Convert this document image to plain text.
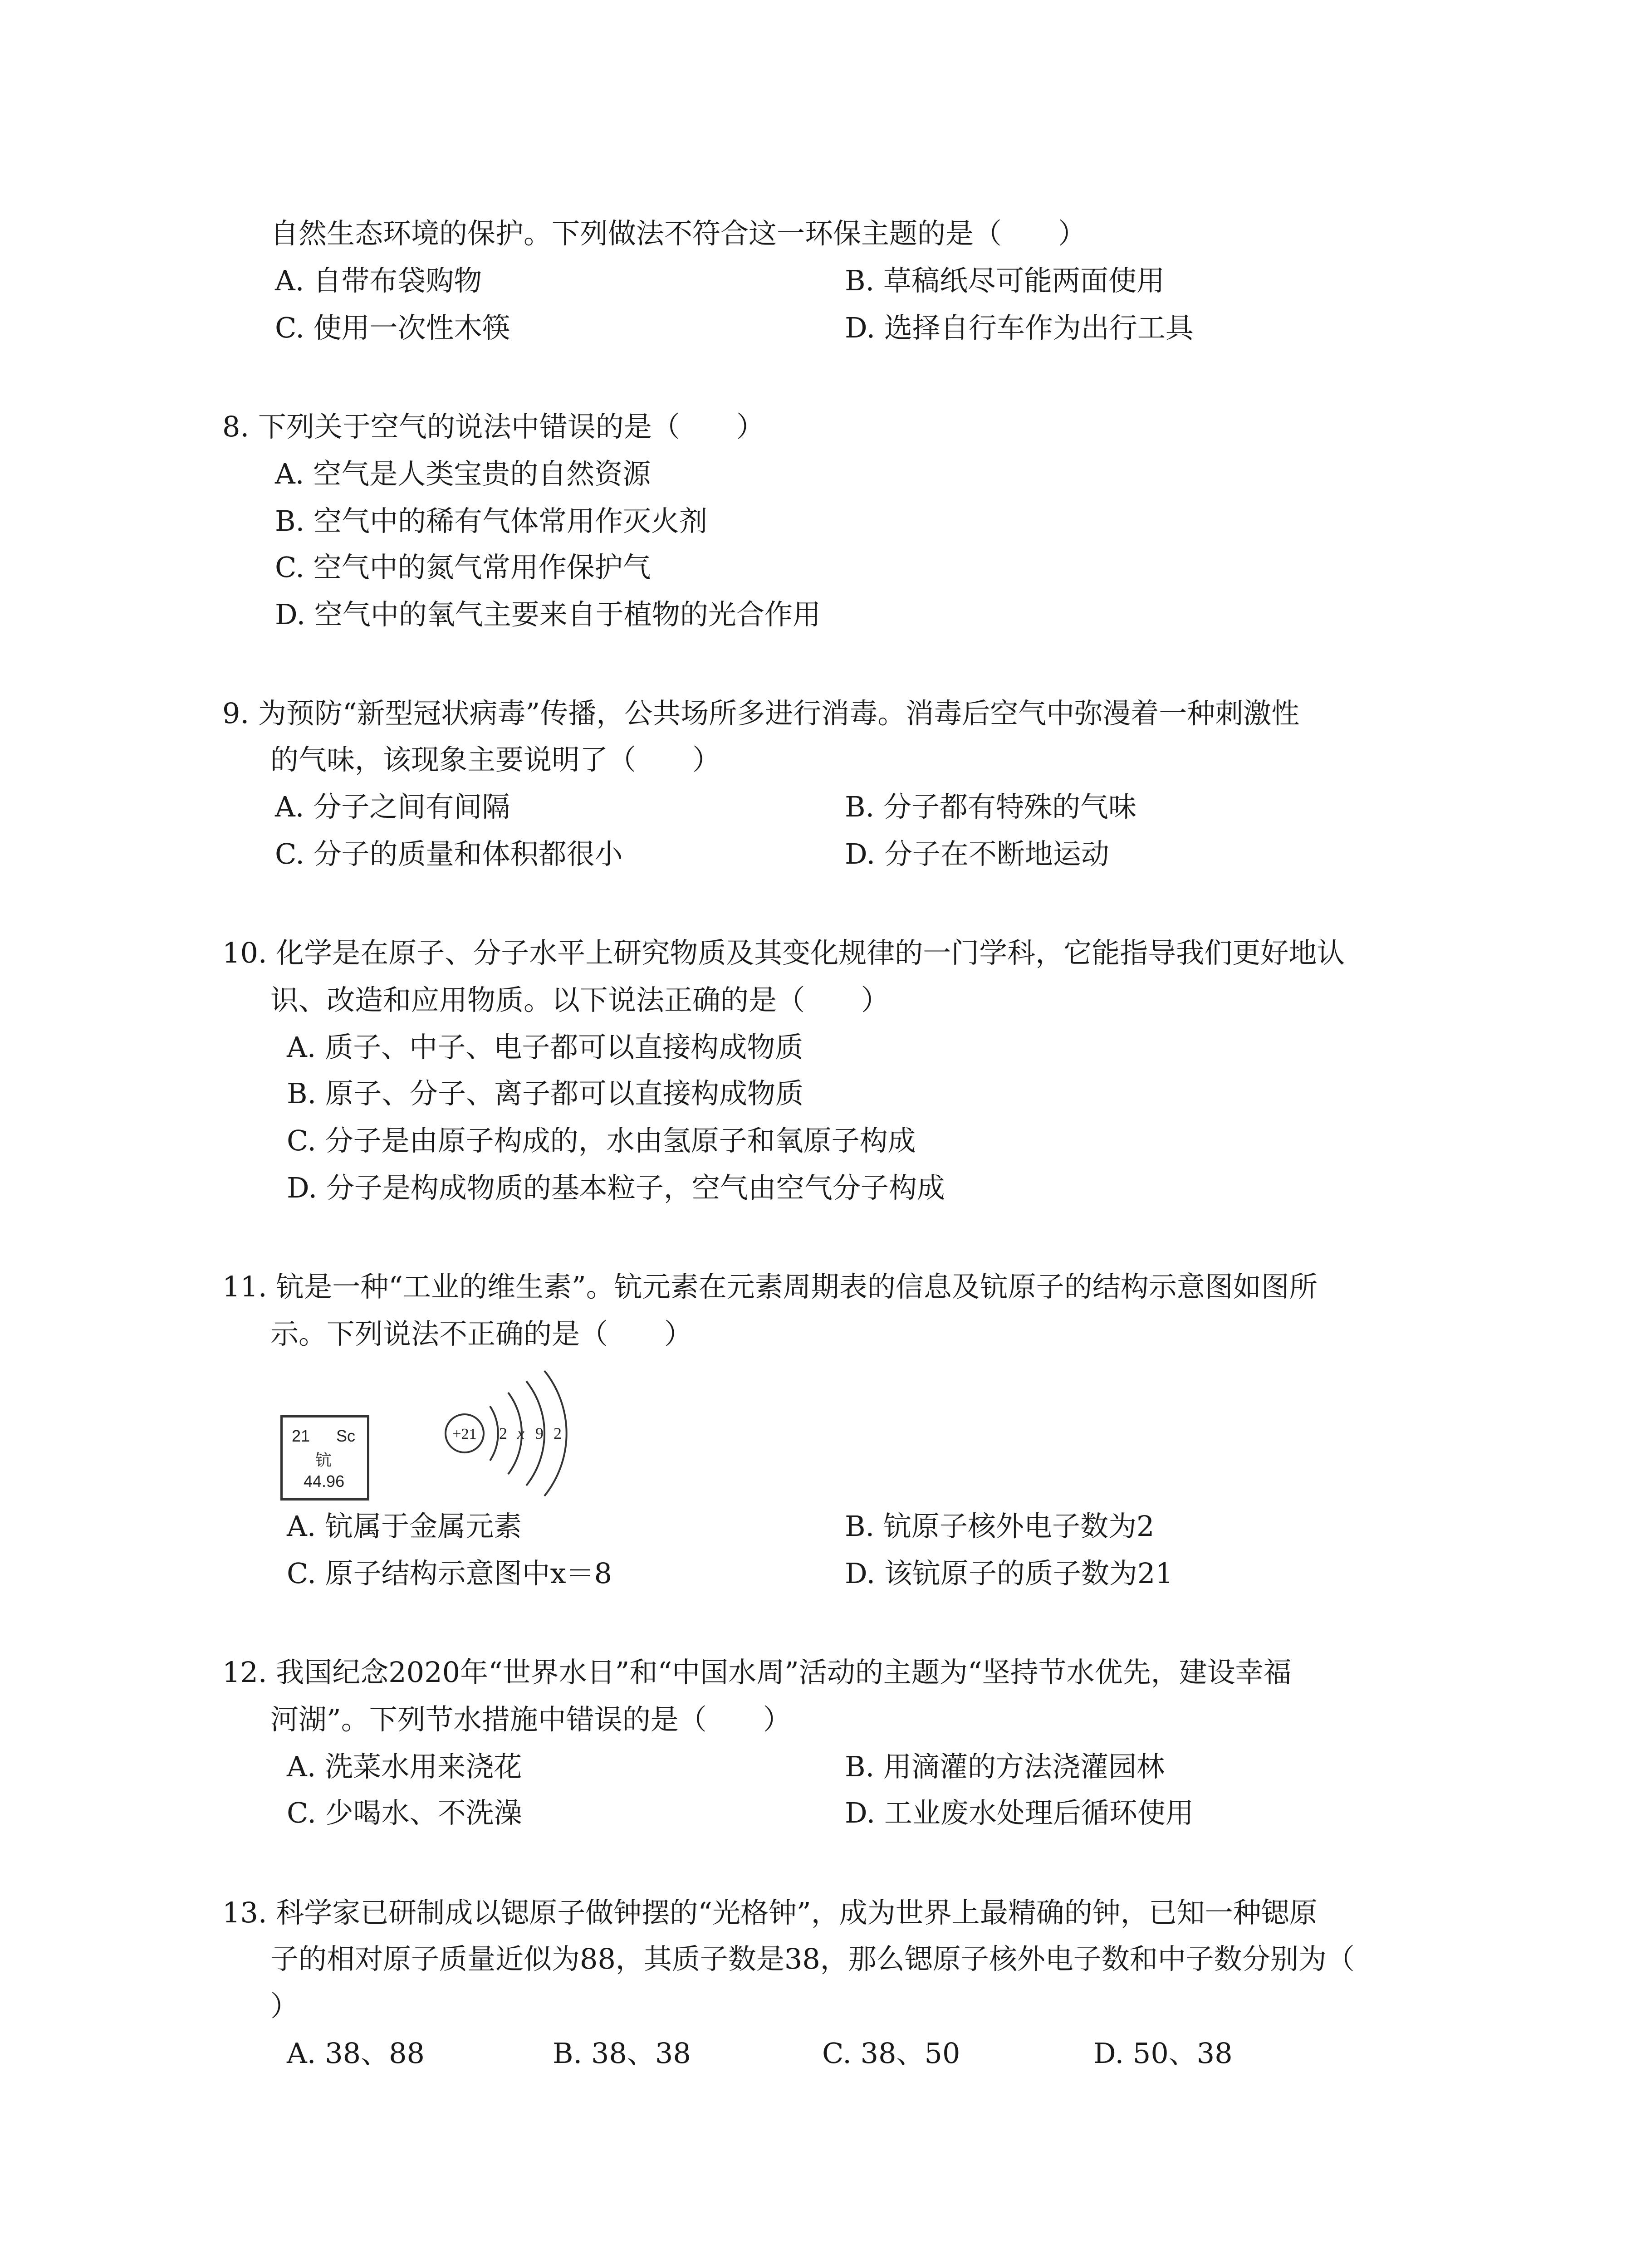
自然生态环境的保护。下列做法不符合这一环保主题的是（　　）
A. 自带布袋购物	B. 草稿纸尽可能两面使用
C. 使用一次性木筷	D. 选择自行车作为出行工具
8. 下列关于空气的说法中错误的是（　　）
A. 空气是人类宝贵的自然资源
B. 空气中的稀有气体常用作灭火剂
C. 空气中的氮气常用作保护气
D. 空气中的氧气主要来自于植物的光合作用
9. 为预防“新型冠状病毒”传播，公共场所多进行消毒。消毒后空气中弥漫着一种刺激性
的气味，该现象主要说明了（　　）
A. 分子之间有间隔	B. 分子都有特殊的气味
C. 分子的质量和体积都很小	D. 分子在不断地运动
10. 化学是在原子、分子水平上研究物质及其变化规律的一门学科，它能指导我们更好地认
识、改造和应用物质。以下说法正确的是（　　）
A. 质子、中子、电子都可以直接构成物质
B. 原子、分子、离子都可以直接构成物质
C. 分子是由原子构成的，水由氢原子和氧原子构成
D. 分子是构成物质的基本粒子，空气由空气分子构成
11. 钪是一种“工业的维生素”。钪元素在元素周期表的信息及钪原子的结构示意图如图所
示。下列说法不正确的是（　　）
21 Sc
钪
44.96
+21 2 x 9 2
A. 钪属于金属元素	B. 钪原子核外电子数为2
C. 原子结构示意图中x＝8	D. 该钪原子的质子数为21
12. 我国纪念2020年“世界水日”和“中国水周”活动的主题为“坚持节水优先，建设幸福
河湖”。下列节水措施中错误的是（　　）
A. 洗菜水用来浇花	B. 用滴灌的方法浇灌园林
C. 少喝水、不洗澡	D. 工业废水处理后循环使用
13. 科学家已研制成以锶原子做钟摆的“光格钟”，成为世界上最精确的钟，已知一种锶原
子的相对原子质量近似为88，其质子数是38，那么锶原子核外电子数和中子数分别为（
）
A. 38、88	B. 38、38	C. 38、50	D. 50、38
